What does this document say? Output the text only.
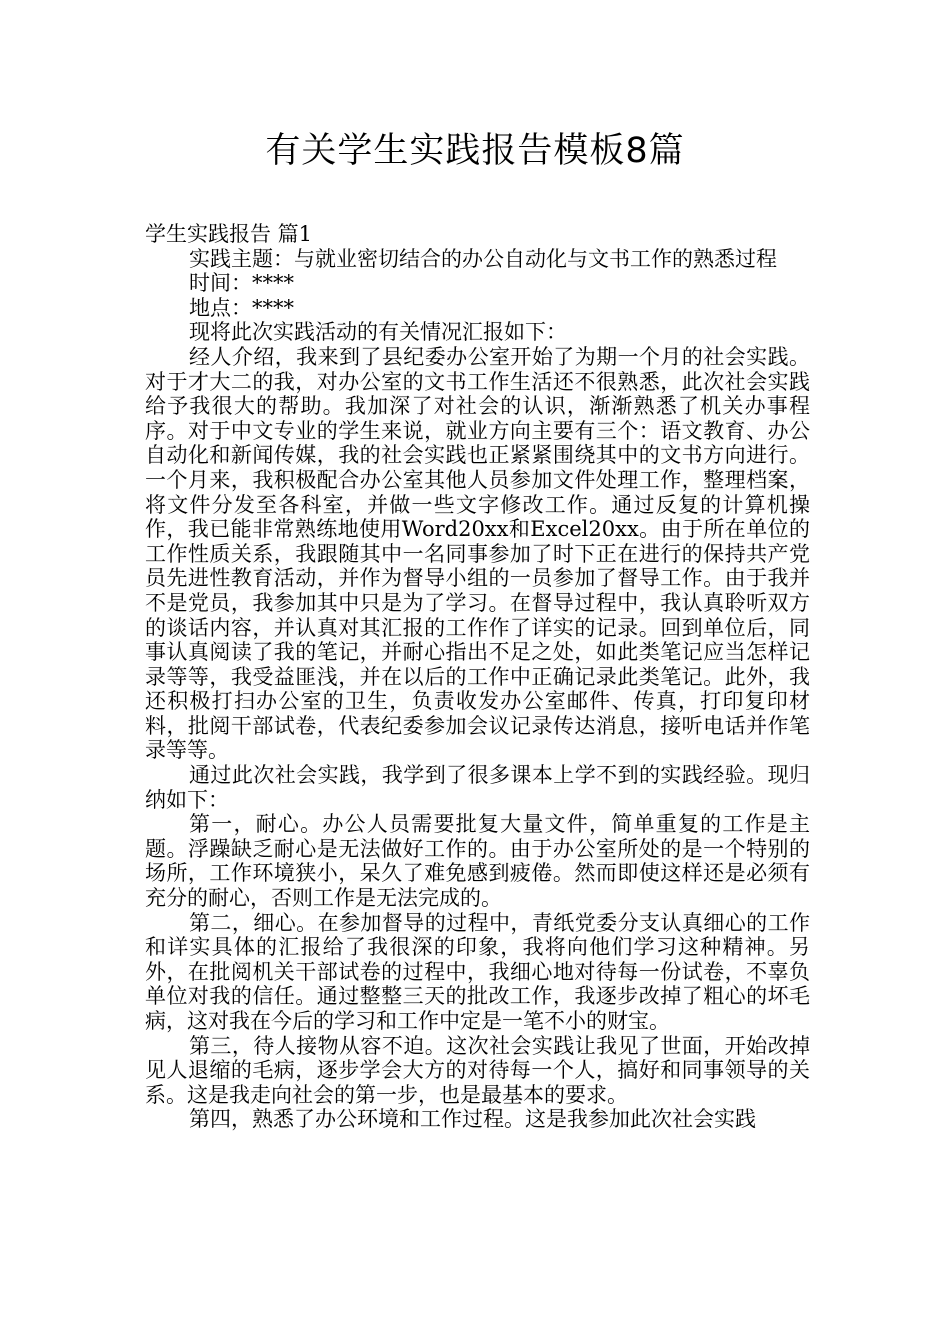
有关学生实践报告模板8篇

学生实践报告 篇1

实践主题：与就业密切结合的办公自动化与文书工作的熟悉过程

时间：****

地点：****

现将此次实践活动的有关情况汇报如下：

经人介绍，我来到了县纪委办公室开始了为期一个月的社会实践。对于才大二的我，对办公室的文书工作生活还不很熟悉，此次社会实践给予我很大的帮助。我加深了对社会的认识，渐渐熟悉了机关办事程序。对于中文专业的学生来说，就业方向主要有三个：语文教育、办公自动化和新闻传媒，我的社会实践也正紧紧围绕其中的文书方向进行。一个月来，我积极配合办公室其他人员参加文件处理工作，整理档案，将文件分发至各科室，并做一些文字修改工作。通过反复的计算机操作，我已能非常熟练地使用Word20xx和Excel20xx。由于所在单位的工作性质关系，我跟随其中一名同事参加了时下正在进行的保持共产党员先进性教育活动，并作为督导小组的一员参加了督导工作。由于我并不是党员，我参加其中只是为了学习。在督导过程中，我认真聆听双方的谈话内容，并认真对其汇报的工作作了详实的记录。回到单位后，同事认真阅读了我的笔记，并耐心指出不足之处，如此类笔记应当怎样记录等等，我受益匪浅，并在以后的工作中正确记录此类笔记。此外，我还积极打扫办公室的卫生，负责收发办公室邮件、传真，打印复印材料，批阅干部试卷，代表纪委参加会议记录传达消息，接听电话并作笔录等等。

通过此次社会实践，我学到了很多课本上学不到的实践经验。现归纳如下：

第一，耐心。办公人员需要批复大量文件，简单重复的工作是主题。浮躁缺乏耐心是无法做好工作的。由于办公室所处的是一个特别的场所，工作环境狭小，呆久了难免感到疲倦。然而即使这样还是必须有充分的耐心，否则工作是无法完成的。

第二，细心。在参加督导的过程中，青纸党委分支认真细心的工作和详实具体的汇报给了我很深的印象，我将向他们学习这种精神。另外，在批阅机关干部试卷的过程中，我细心地对待每一份试卷，不辜负单位对我的信任。通过整整三天的批改工作，我逐步改掉了粗心的坏毛病，这对我在今后的学习和工作中定是一笔不小的财宝。

第三，待人接物从容不迫。这次社会实践让我见了世面，开始改掉见人退缩的毛病，逐步学会大方的对待每一个人，搞好和同事领导的关系。这是我走向社会的第一步，也是最基本的要求。

第四，熟悉了办公环境和工作过程。这是我参加此次社会实践
